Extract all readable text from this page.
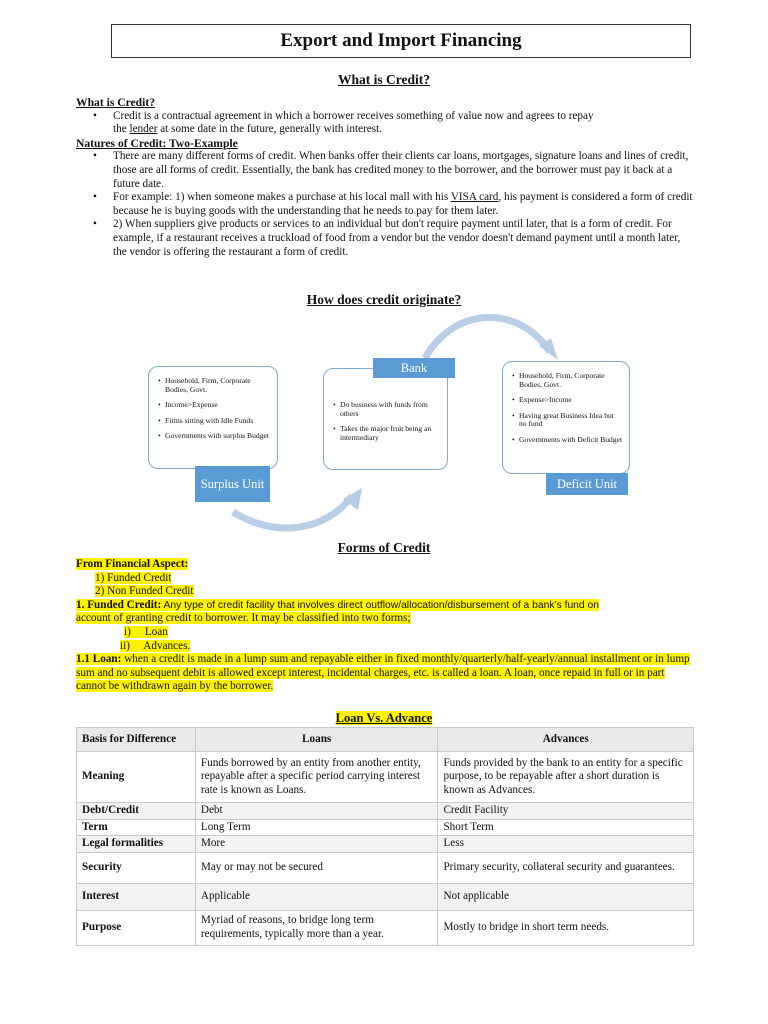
Export and Import Financing
What is Credit?
What is Credit?
• Credit is a contractual agreement in which a borrower receives something of value now and agrees to repay
the lender at some date in the future, generally with interest.
Natures of Credit: Two-Example
• There are many different forms of credit. When banks offer their clients car loans, mortgages, signature loans and lines of credit, those are all forms of credit. Essentially, the bank has credited money to the borrower, and the borrower must pay it back at a future date.
• For example: 1) when someone makes a purchase at his local mall with his VISA card, his payment is considered a form of credit because he is buying goods with the understanding that he needs to pay for them later.
• 2) When suppliers give products or services to an individual but don't require payment until later, that is a form of credit. For example, if a restaurant receives a truckload of food from a vendor but the vendor doesn't demand payment until a month later, the vendor is offering the restaurant a form of credit.
How does credit originate?
• Household, Firm, Corporate Bodies, Govt.
• Income>Expense
• Firms sitting with Idle Funds
• Governments with surplus Budget
Surplus Unit
• Do business with funds from others
• Takes the major fruit being an intermediary
Bank
• Household, Firm, Corporate Bodies, Govt.
• Expense>Income
• Having great Business Idea but no fund
• Governments with Deficit Budget
Deficit Unit
Forms of Credit
From Financial Aspect:
1) Funded Credit
2) Non Funded Credit
1. Funded Credit: Any type of credit facility that involves direct outflow/allocation/disbursement of a bank’s fund on
account of granting credit to borrower. It may be classified into two forms;
i)     Loan
ii)     Advances.
1.1 Loan: when a credit is made in a lump sum and repayable either in fixed monthly/quarterly/half-yearly/annual installment or in lump sum and no subsequent debit is allowed except interest, incidental charges, etc. is called a loan. A loan, once repaid in full or in part cannot be withdrawn again by the borrower.
Loan Vs. Advance
Basis for Difference	Loans	Advances
Meaning	Funds borrowed by an entity from another entity, repayable after a specific period carrying interest rate is known as Loans.	Funds provided by the bank to an entity for a specific purpose, to be repayable after a short duration is known as Advances.
Debt/Credit	Debt	Credit Facility
Term	Long Term	Short Term
Legal formalities	More	Less
Security	May or may not be secured	Primary security, collateral security and guarantees.
Interest	Applicable	Not applicable
Purpose	Myriad of reasons, to bridge long term requirements, typically more than a year.	Mostly to bridge in short term needs.
